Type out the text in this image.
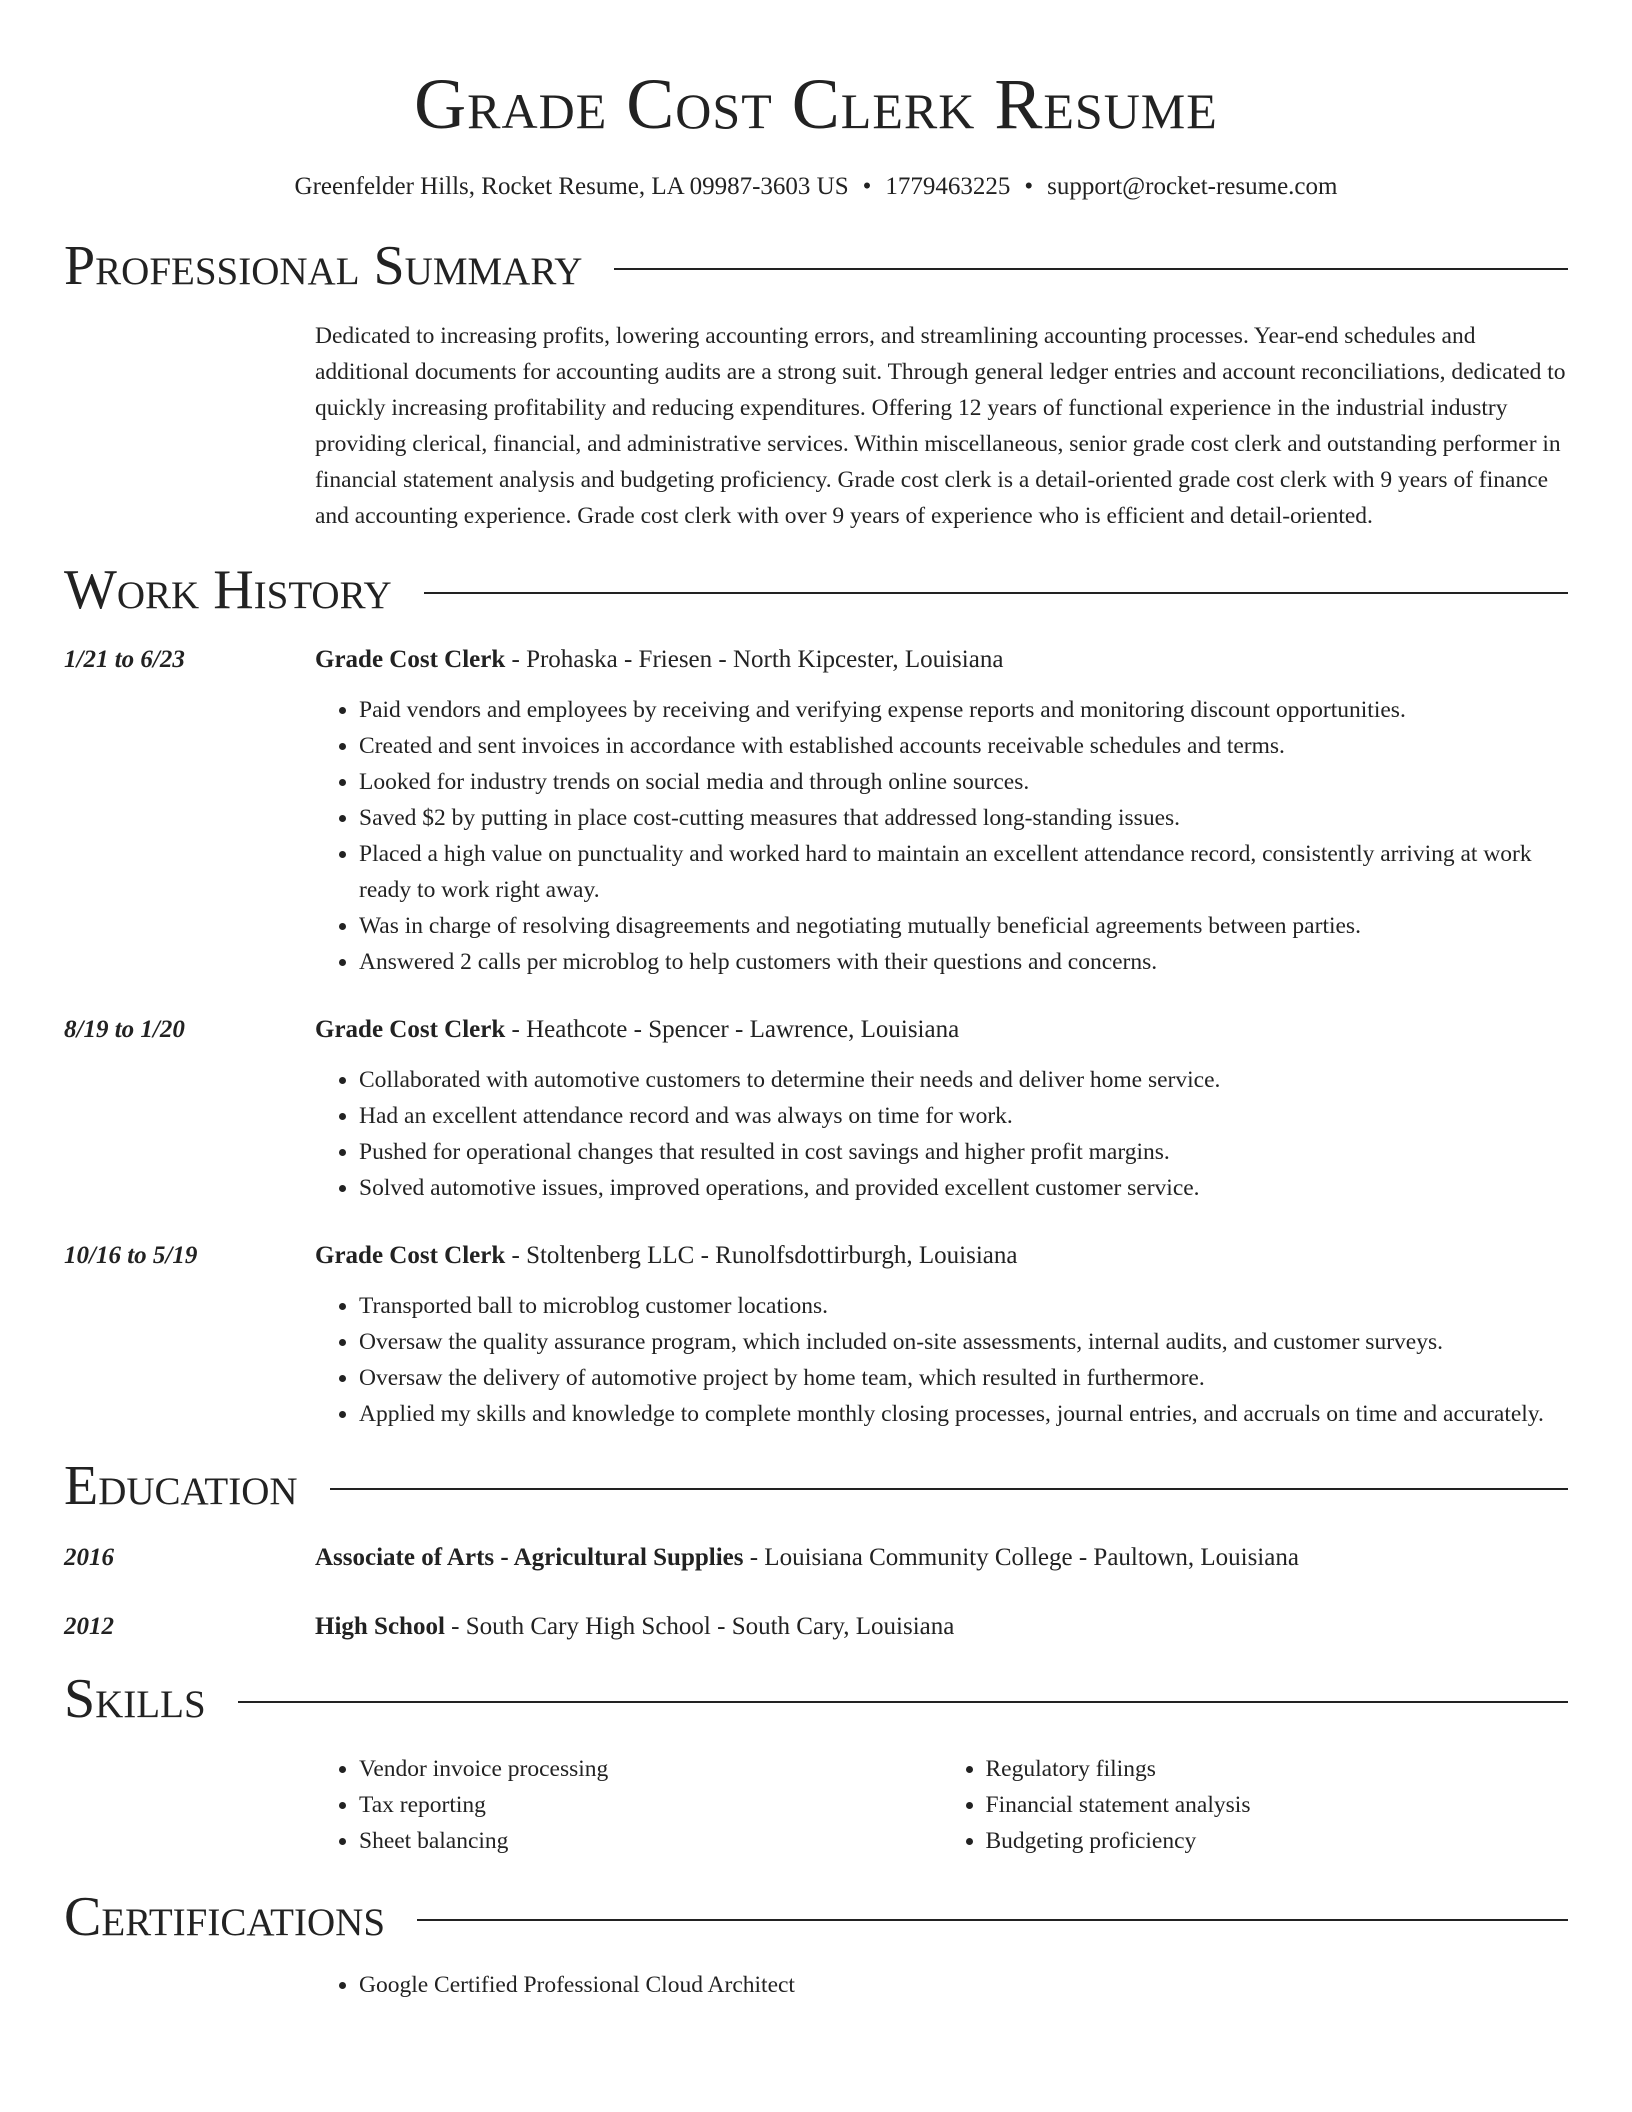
Grade Cost Clerk Resume
Greenfelder Hills, Rocket Resume, LA 09987-3603 US • 1779463225 • support@rocket-resume.com
Professional Summary

Dedicated to increasing profits, lowering accounting errors, and streamlining accounting processes. Year-end schedules and additional documents for accounting audits are a strong suit. Through general ledger entries and account reconciliations, dedicated to quickly increasing profitability and reducing expenditures. Offering 12 years of functional experience in the industrial industry providing clerical, financial, and administrative services. Within miscellaneous, senior grade cost clerk and outstanding performer in financial statement analysis and budgeting proficiency. Grade cost clerk is a detail-oriented grade cost clerk with 9 years of finance and accounting experience. Grade cost clerk with over 9 years of experience who is efficient and detail-oriented.

Work History
1/21 to 6/23	Grade Cost Clerk - Prohaska - Friesen - North Kipcester, Louisiana
• Paid vendors and employees by receiving and verifying expense reports and monitoring discount opportunities.
• Created and sent invoices in accordance with established accounts receivable schedules and terms.
• Looked for industry trends on social media and through online sources.
• Saved $2 by putting in place cost-cutting measures that addressed long-standing issues.
• Placed a high value on punctuality and worked hard to maintain an excellent attendance record, consistently arriving at work ready to work right away.
• Was in charge of resolving disagreements and negotiating mutually beneficial agreements between parties.
• Answered 2 calls per microblog to help customers with their questions and concerns.
8/19 to 1/20	Grade Cost Clerk - Heathcote - Spencer - Lawrence, Louisiana
• Collaborated with automotive customers to determine their needs and deliver home service.
• Had an excellent attendance record and was always on time for work.
• Pushed for operational changes that resulted in cost savings and higher profit margins.
• Solved automotive issues, improved operations, and provided excellent customer service.
10/16 to 5/19	Grade Cost Clerk - Stoltenberg LLC - Runolfsdottirburgh, Louisiana
• Transported ball to microblog customer locations.
• Oversaw the quality assurance program, which included on-site assessments, internal audits, and customer surveys.
• Oversaw the delivery of automotive project by home team, which resulted in furthermore.
• Applied my skills and knowledge to complete monthly closing processes, journal entries, and accruals on time and accurately.
Education
2016	Associate of Arts - Agricultural Supplies - Louisiana Community College - Paultown, Louisiana
2012	High School - South Cary High School - South Cary, Louisiana
Skills
• Vendor invoice processing
• Tax reporting
• Sheet balancing
• Regulatory filings
• Financial statement analysis
• Budgeting proficiency
Certifications
• Google Certified Professional Cloud Architect
